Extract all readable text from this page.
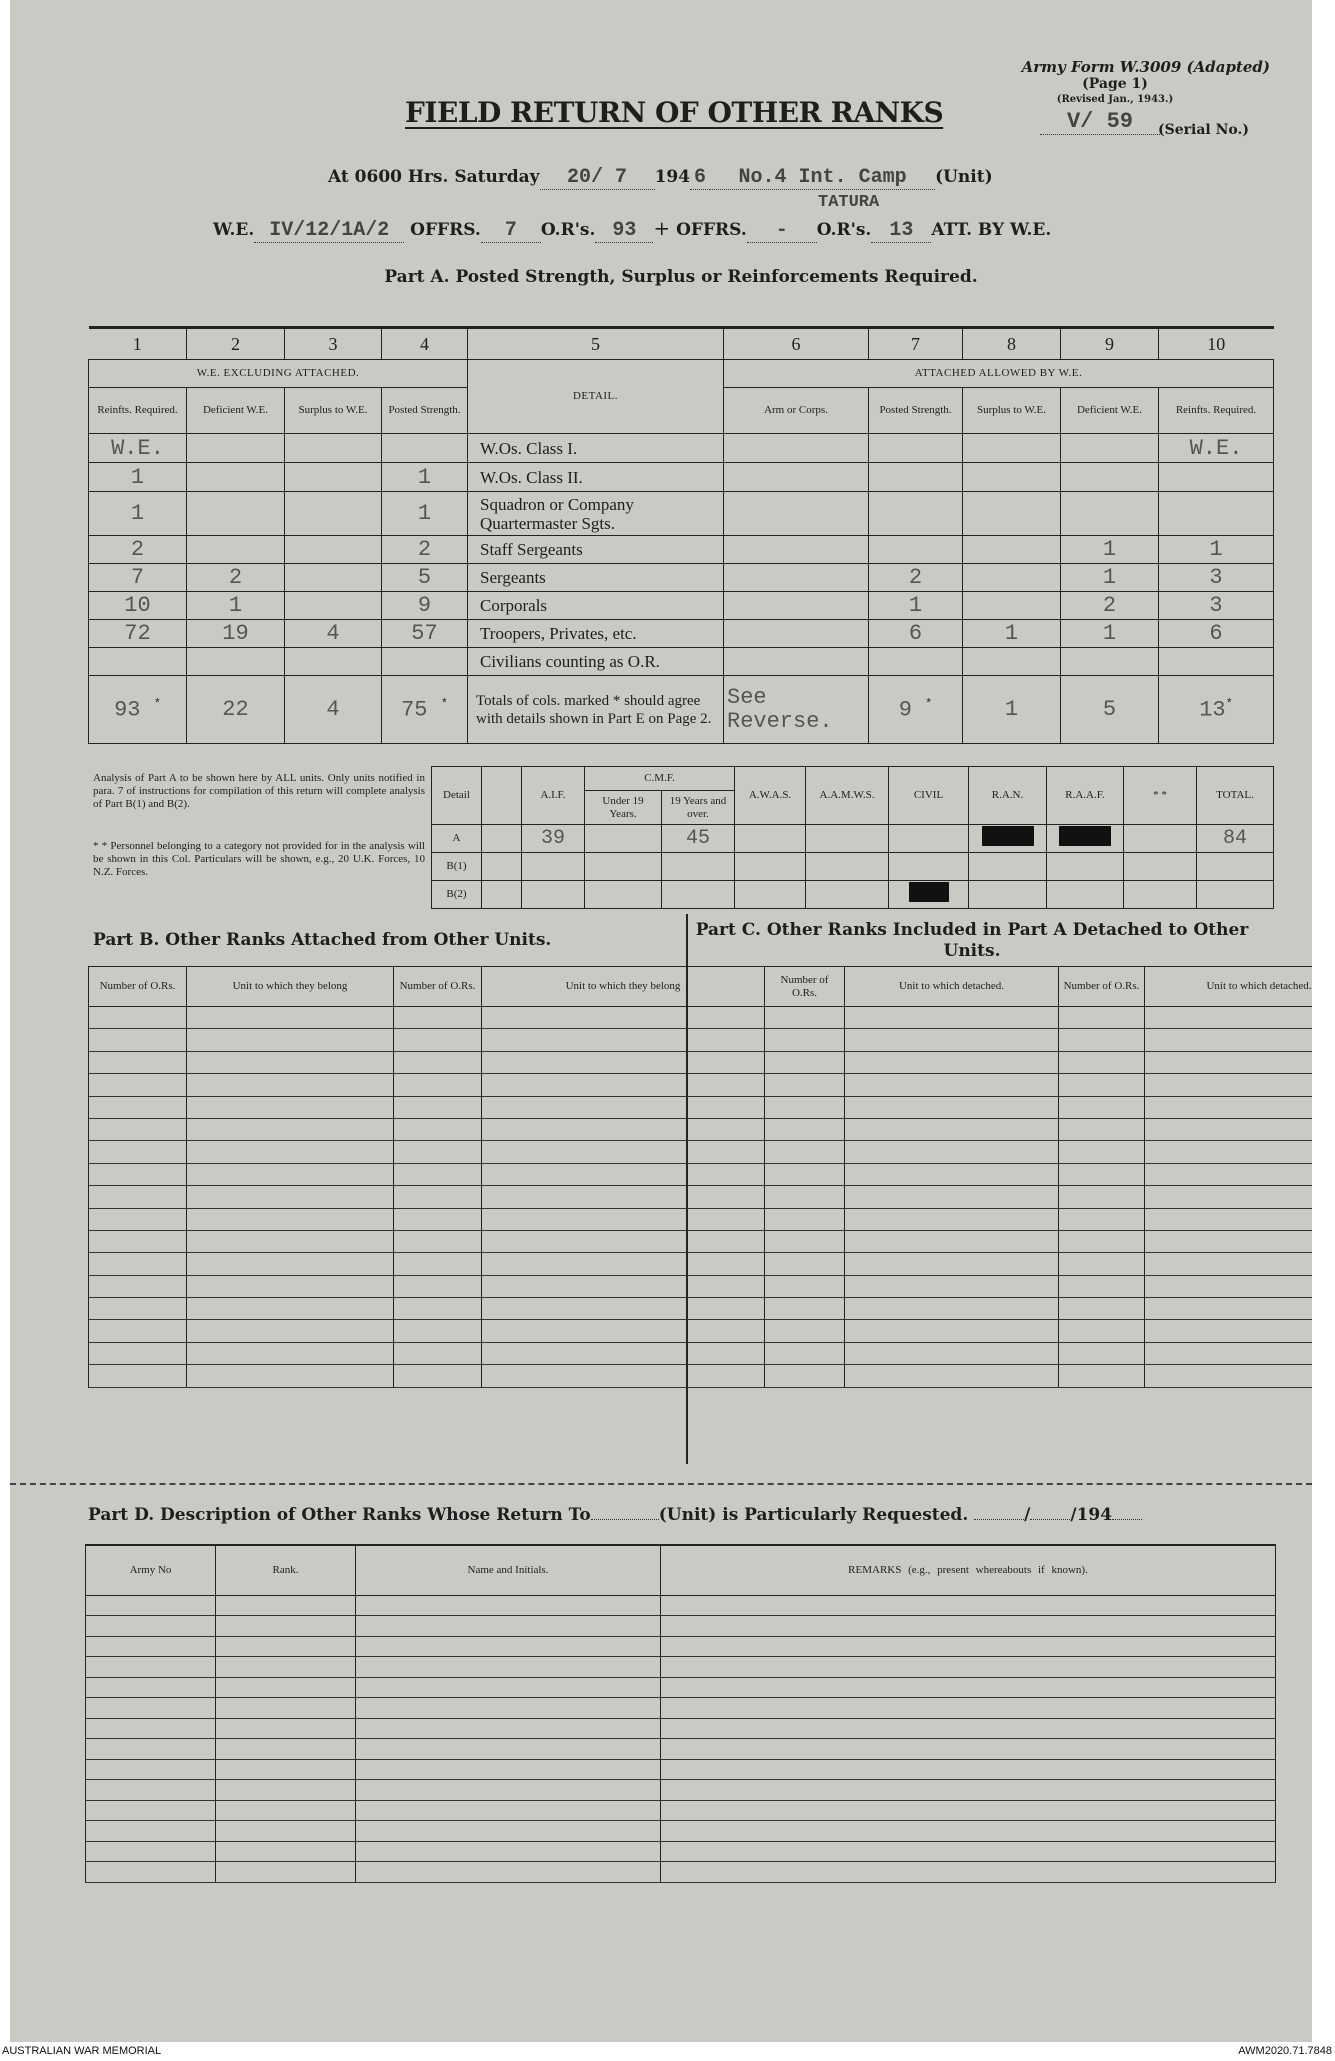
Army Form W.3009 (Adapted)
(Page 1)
(Revised Jan., 1943.)
V/ 59	(Serial No.)
FIELD RETURN OF OTHER RANKS
At 0600 Hrs. Saturday 20/ 7 194 6 No.4 Int. Camp (Unit)
TATURA
W.E. IV/12/1A/2 OFFRS. 7 O.R's. 93 + OFFRS. - O.R's. 13 ATT. BY W.E.
Part A. Posted Strength, Surplus or Reinforcements Required.
1	2	3	4	5	6	7	8	9	10
W.E. EXCLUDING ATTACHED.				DETAIL.	ATTACHED ALLOWED BY W.E.				
Reinfts. Required.	Deficient W.E.	Surplus to W.E.	Posted Strength.		Arm or Corps.	Posted Strength.	Surplus to W.E.	Deficient W.E.	Reinfts. Required.
W.E.				W.Os. Class I.					W.E.
1			1	W.Os. Class II.					
1			1	Squadron or Company Quartermaster Sgts.					
2			2	Staff Sergeants				1	1
7	2		5	Sergeants		2		1	3
10	1		9	Corporals		1		2	3
72	19	4	57	Troopers, Privates, etc.		6	1	1	6
				Civilians counting as O.R.					
93 *	22	4	75 *	Totals of cols. marked * should agree with details shown in Part E on Page 2.	See Reverse.	9 *	1	5	13*
Analysis of Part A to be shown here by ALL units. Only units notified in para. 7 of instructions for compilation of this return will complete analysis of Part B(1) and B(2).
* * Personnel belonging to a category not provided for in the analysis will be shown in this Col. Particulars will be shown, e.g., 20 U.K. Forces, 10 N.Z. Forces.
Detail		A.I.F.	C.M.F.		A.W.A.S.	A.A.M.W.S.	CIVIL	R.A.N.	R.A.A.F.	* *	TOTAL.
			Under 19 Years.	19 Years and over.							
A		39		45							84
B(1)											
B(2)											
Part B. Other Ranks Attached from Other Units.	Part C. Other Ranks Included in Part A Detached to Other Units.
Number of O.Rs.	Unit to which they belong	Number of O.Rs.	Unit to which they belong	Number of O.Rs.	Unit to which detached.	Number of O.Rs.	Unit to which detached.

Part D. Description of Other Ranks Whose Return To	(Unit) is Particularly Requested.	/ /194
Army No	Rank.	Name and Initials.	REMARKS (e.g., present whereabouts if known).

AUSTRALIAN WAR MEMORIAL	AWM2020.71.7848
